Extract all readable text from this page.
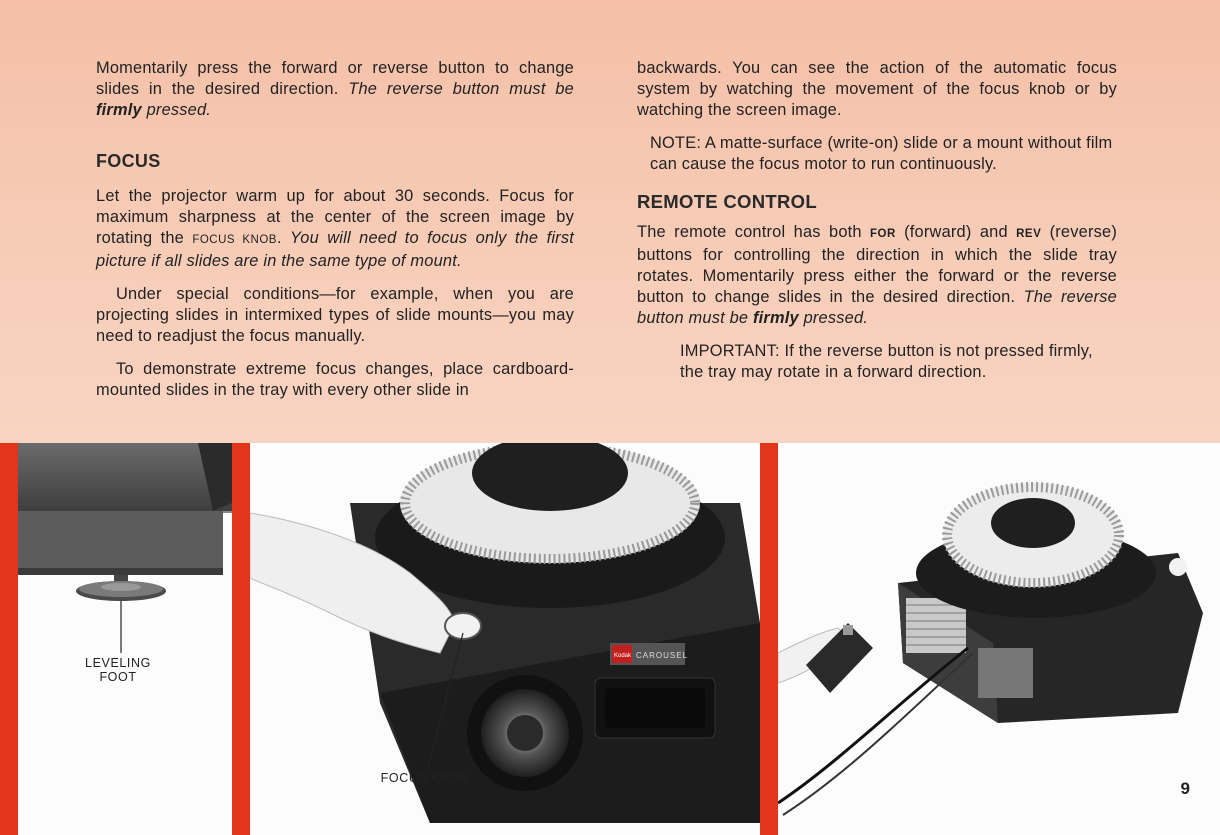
Momentarily press the forward or reverse button to change slides in the desired direction. The reverse button must be firmly pressed.

FOCUS

Let the projector warm up for about 30 seconds. Focus for maximum sharpness at the center of the screen image by rotating the FOCUS KNOB. You will need to focus only the first picture if all slides are in the same type of mount.

Under special conditions—for example, when you are projecting slides in intermixed types of slide mounts—you may need to readjust the focus manually.

To demonstrate extreme focus changes, place cardboard-mounted slides in the tray with every other slide in

backwards. You can see the action of the automatic focus system by watching the movement of the focus knob or by watching the screen image.

NOTE: A matte-surface (write-on) slide or a mount without film can cause the focus motor to run continuously.

REMOTE CONTROL

The remote control has both FOR (forward) and REV (reverse) buttons for controlling the direction in which the slide tray rotates. Momentarily press either the forward or the reverse button to change slides in the desired direction. The reverse button must be firmly pressed.

IMPORTANT: If the reverse button is not pressed firmly, the tray may rotate in a forward direction.

LEVELING
FOOT
CAROUSEL
Kodak
FOCUS KNOB
9
